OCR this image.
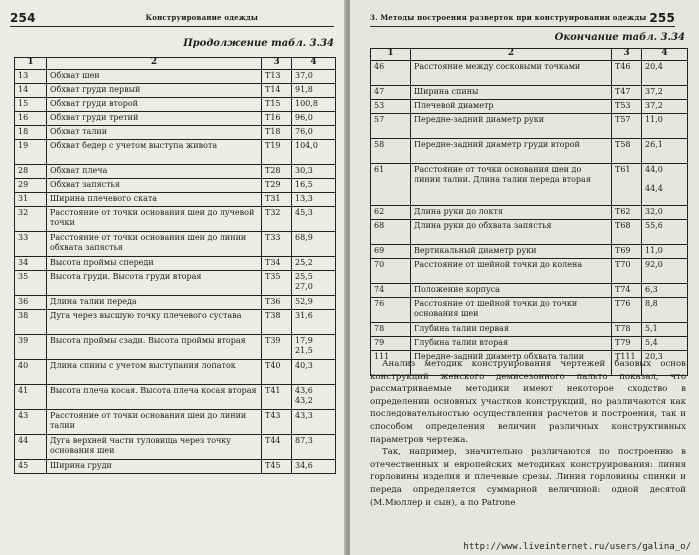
254	Конструирование одежды
Продолжение табл. 3.34
1	2	3	4
13	Обхват шеи	T13	37,0
14	Обхват груди первый	T14	91,8
15	Обхват груди второй	T15	100,8
16	Обхват груди третий	T16	96,0
18	Обхват талии	T18	76,0
19	Обхват бедер с учетом выступа живота	T19	104,0
28	Обхват плеча	T28	30,3
29	Обхват запястья	T29	16,5
31	Ширина плечевого ската	T31	13,3
32	Расстояние от точки основания шеи до лучевой точки	T32	45,3
33	Расстояние от точки основания шеи до линии обхвата запястья	T33	68,9
34	Высота проймы спереди	T34	25,2
35	Высота груди. Высота груди вторая	T35	25,5
27,0
36	Длина талии переда	T36	52,9
38	Дуга через высшую точку плечевого сустава	T38	31,6
39	Высота проймы сзади. Высота проймы вторая	T39	17,9
21,5
40	Длина спины с учетом выступания лопаток	T40	40,3
41	Высота плеча косая. Высота плеча косая вторая	T41	43,6
43,2
43	Расстояние от точки основания шеи до линии талии	T43	43,3
44	Дуга верхней части туловища через точку основания шеи	T44	87,3
45	Ширина груди	T45	34,6
3. Методы построения разверток при конструировании одежды 255
Окончание табл. 3.34
1	2	3	4
46	Расстояние между сосковыми точками	T46	20,4
47	Ширина спины	T47	37,2
53	Плечевой диаметр	T53	37,2
57	Передне-задний диаметр руки	T57	11,0
58	Передне-задний диаметр груди второй	T58	26,1
61	Расстояние от точки основания шеи до линии талии. Длина талии переда вторая	T61	44,0

44,4
62	Длина руки до локтя	T62	32,0
68	Длина руки до обхвата запястья	T68	55,6
69	Вертикальный диаметр руки	T69	11,0
70	Расстояние от шейной точки до колена	T70	92,0
74	Положение корпуса	T74	6,3
76	Расстояние от шейной точки до точки основания шеи	T76	8,8
78	Глубина талии первая	T78	5,1
79	Глубина талии вторая	T79	5,4
111	Передне-задний диаметр обхвата талии	T111	20,3

Анализ методик конструирования чертежей базовых основ конструкций женского демисезонного пальто показал, что рассматриваемые методики имеют некоторое сходство в определении основных участков конструкций, но различаются как последовательностью осуществления расчетов и построения, так и способом определения величин различных конструктивных параметров чертежа.

Так, например, значительно различаются по построению в отечественных и европейских методиках конструирования: линия горловины изделия и плечевые срезы. Линия горловины спинки и переда определяется суммарной величиной: одной десятой (М.Мюллер и сын), а по Patrone

http://www.liveinternet.ru/users/galina_o/
